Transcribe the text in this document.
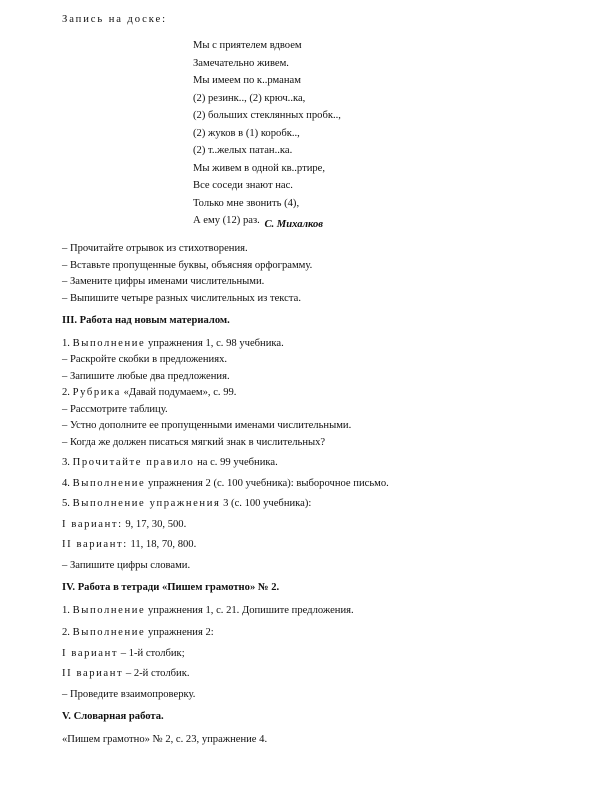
Запись на доске:
Мы с приятелем вдвоем
Замечательно живем.
Мы имеем по к..рманам
(2) резинк.., (2) крюч..ка,
(2) больших стеклянных пробк..,
(2) жуков в (1) коробк..,
(2) т..желых патан..ка.
Мы живем в одной кв..ртире,
Все соседи знают нас.
Только мне звонить (4),
А ему (12) раз. С. Михалков
– Прочитайте отрывок из стихотворения.
– Вставьте пропущенные буквы, объясняя орфограмму.
– Замените цифры именами числительными.
– Выпишите четыре разных числительных из текста.
III. Работа над новым материалом.
1. Выполнение упражнения 1, с. 98 учебника.
– Раскройте скобки в предложениях.
– Запишите любые два предложения.
2. Рубрика «Давай подумаем», с. 99.
– Рассмотрите таблицу.
– Устно дополните ее пропущенными именами числительными.
– Когда же должен писаться мягкий знак в числительных?
3. Прочитайте правило на с. 99 учебника.
4. Выполнение упражнения 2 (с. 100 учебника): выборочное письмо.
5. Выполнение упражнения 3 (с. 100 учебника):
I вариант: 9, 17, 30, 500.
II вариант: 11, 18, 70, 800.
– Запишите цифры словами.
IV. Работа в тетради «Пишем грамотно» № 2.
1. Выполнение упражнения 1, с. 21. Допишите предложения.
2. Выполнение упражнения 2:
I вариант – 1-й столбик;
II вариант – 2-й столбик.
– Проведите взаимопроверку.
V. Словарная работа.
«Пишем грамотно» № 2, с. 23, упражнение 4.
